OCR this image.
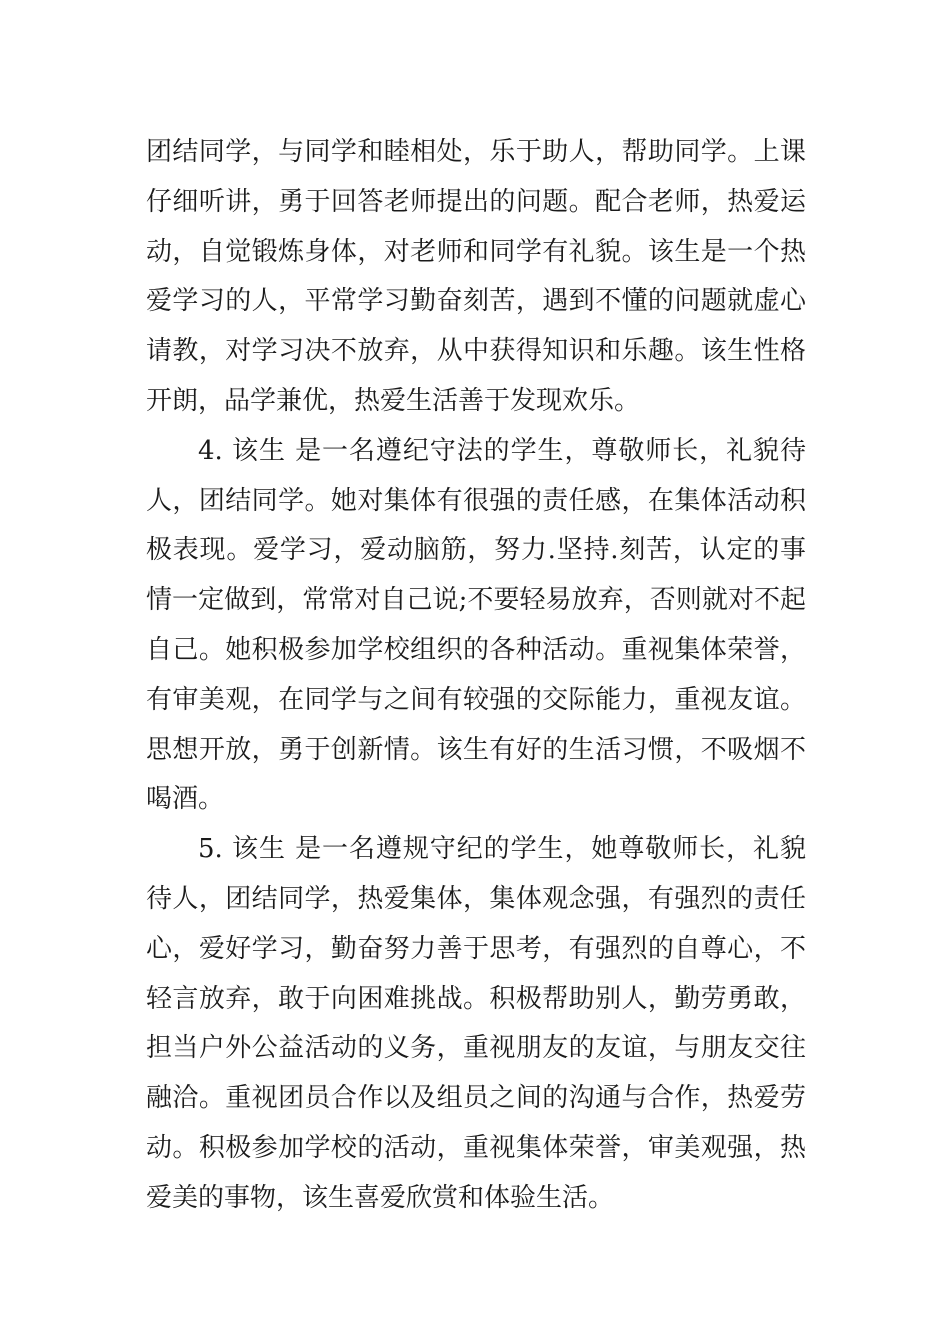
团结同学，与同学和睦相处，乐于助人，帮助同学。上课
仔细听讲，勇于回答老师提出的问题。配合老师，热爱运
动，自觉锻炼身体，对老师和同学有礼貌。该生是一个热
爱学习的人，平常学习勤奋刻苦，遇到不懂的问题就虚心
请教，对学习决不放弃，从中获得知识和乐趣。该生性格
开朗，品学兼优，热爱生活善于发现欢乐。
4. 该生 是一名遵纪守法的学生，尊敬师长，礼貌待
人，团结同学。她对集体有很强的责任感，在集体活动积
极表现。爱学习，爱动脑筋，努力.坚持.刻苦，认定的事
情一定做到，常常对自己说;不要轻易放弃，否则就对不起
自己。她积极参加学校组织的各种活动。重视集体荣誉，
有审美观，在同学与之间有较强的交际能力，重视友谊。
思想开放，勇于创新情。该生有好的生活习惯，不吸烟不
喝酒。
5. 该生 是一名遵规守纪的学生，她尊敬师长，礼貌
待人，团结同学，热爱集体，集体观念强，有强烈的责任
心，爱好学习，勤奋努力善于思考，有强烈的自尊心，不
轻言放弃，敢于向困难挑战。积极帮助别人，勤劳勇敢，
担当户外公益活动的义务，重视朋友的友谊，与朋友交往
融洽。重视团员合作以及组员之间的沟通与合作，热爱劳
动。积极参加学校的活动，重视集体荣誉，审美观强，热
爱美的事物，该生喜爱欣赏和体验生活。
